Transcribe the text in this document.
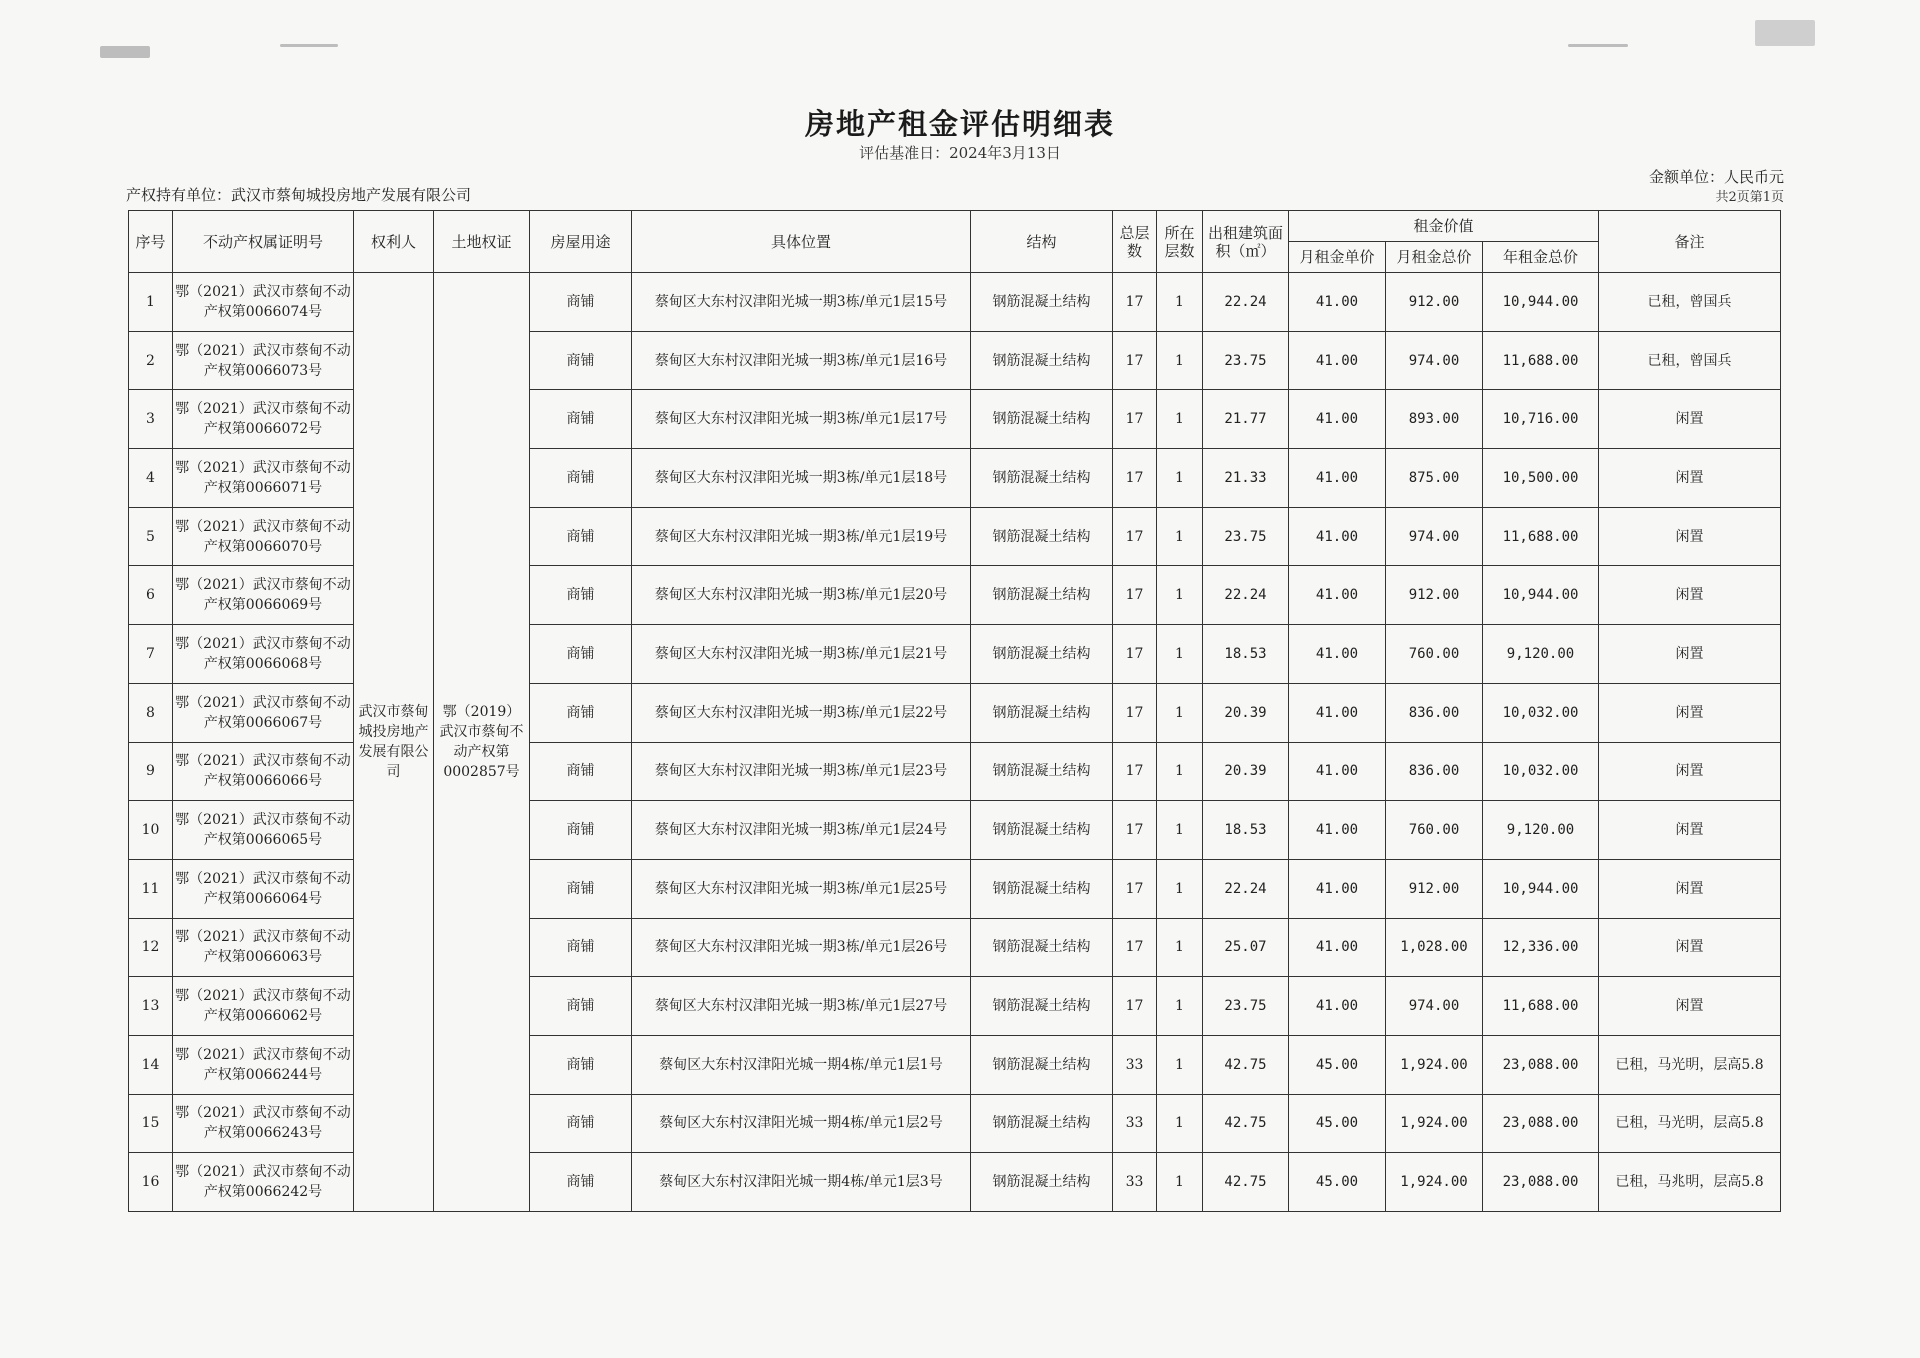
房地产租金评估明细表
评估基准日：2024年3月13日
产权持有单位：武汉市蔡甸城投房地产发展有限公司
金额单位：人民币元
共2页第1页
序号	不动产权属证明号	权利人	土地权证	房屋用途	具体位置	结构	总层数	所在层数	出租建筑面积（㎡）	租金价值			备注
										月租金单价	月租金总价	年租金总价	
1	鄂（2021）武汉市蔡甸不动产权第0066074号	武汉市蔡甸城投房地产发展有限公司	鄂（2019）武汉市蔡甸不动产权第0002857号	商铺	蔡甸区大东村汉津阳光城一期3栋/单元1层15号	钢筋混凝土结构	17	1	22.24	41.00	912.00	10,944.00	已租，曾国兵
2	鄂（2021）武汉市蔡甸不动产权第0066073号			商铺	蔡甸区大东村汉津阳光城一期3栋/单元1层16号	钢筋混凝土结构	17	1	23.75	41.00	974.00	11,688.00	已租，曾国兵
3	鄂（2021）武汉市蔡甸不动产权第0066072号			商铺	蔡甸区大东村汉津阳光城一期3栋/单元1层17号	钢筋混凝土结构	17	1	21.77	41.00	893.00	10,716.00	闲置
4	鄂（2021）武汉市蔡甸不动产权第0066071号			商铺	蔡甸区大东村汉津阳光城一期3栋/单元1层18号	钢筋混凝土结构	17	1	21.33	41.00	875.00	10,500.00	闲置
5	鄂（2021）武汉市蔡甸不动产权第0066070号			商铺	蔡甸区大东村汉津阳光城一期3栋/单元1层19号	钢筋混凝土结构	17	1	23.75	41.00	974.00	11,688.00	闲置
6	鄂（2021）武汉市蔡甸不动产权第0066069号			商铺	蔡甸区大东村汉津阳光城一期3栋/单元1层20号	钢筋混凝土结构	17	1	22.24	41.00	912.00	10,944.00	闲置
7	鄂（2021）武汉市蔡甸不动产权第0066068号			商铺	蔡甸区大东村汉津阳光城一期3栋/单元1层21号	钢筋混凝土结构	17	1	18.53	41.00	760.00	9,120.00	闲置
8	鄂（2021）武汉市蔡甸不动产权第0066067号			商铺	蔡甸区大东村汉津阳光城一期3栋/单元1层22号	钢筋混凝土结构	17	1	20.39	41.00	836.00	10,032.00	闲置
9	鄂（2021）武汉市蔡甸不动产权第0066066号			商铺	蔡甸区大东村汉津阳光城一期3栋/单元1层23号	钢筋混凝土结构	17	1	20.39	41.00	836.00	10,032.00	闲置
10	鄂（2021）武汉市蔡甸不动产权第0066065号			商铺	蔡甸区大东村汉津阳光城一期3栋/单元1层24号	钢筋混凝土结构	17	1	18.53	41.00	760.00	9,120.00	闲置
11	鄂（2021）武汉市蔡甸不动产权第0066064号			商铺	蔡甸区大东村汉津阳光城一期3栋/单元1层25号	钢筋混凝土结构	17	1	22.24	41.00	912.00	10,944.00	闲置
12	鄂（2021）武汉市蔡甸不动产权第0066063号			商铺	蔡甸区大东村汉津阳光城一期3栋/单元1层26号	钢筋混凝土结构	17	1	25.07	41.00	1,028.00	12,336.00	闲置
13	鄂（2021）武汉市蔡甸不动产权第0066062号			商铺	蔡甸区大东村汉津阳光城一期3栋/单元1层27号	钢筋混凝土结构	17	1	23.75	41.00	974.00	11,688.00	闲置
14	鄂（2021）武汉市蔡甸不动产权第0066244号			商铺	蔡甸区大东村汉津阳光城一期4栋/单元1层1号	钢筋混凝土结构	33	1	42.75	45.00	1,924.00	23,088.00	已租，马光明，层高5.8
15	鄂（2021）武汉市蔡甸不动产权第0066243号			商铺	蔡甸区大东村汉津阳光城一期4栋/单元1层2号	钢筋混凝土结构	33	1	42.75	45.00	1,924.00	23,088.00	已租，马光明，层高5.8
16	鄂（2021）武汉市蔡甸不动产权第0066242号			商铺	蔡甸区大东村汉津阳光城一期4栋/单元1层3号	钢筋混凝土结构	33	1	42.75	45.00	1,924.00	23,088.00	已租，马兆明，层高5.8
